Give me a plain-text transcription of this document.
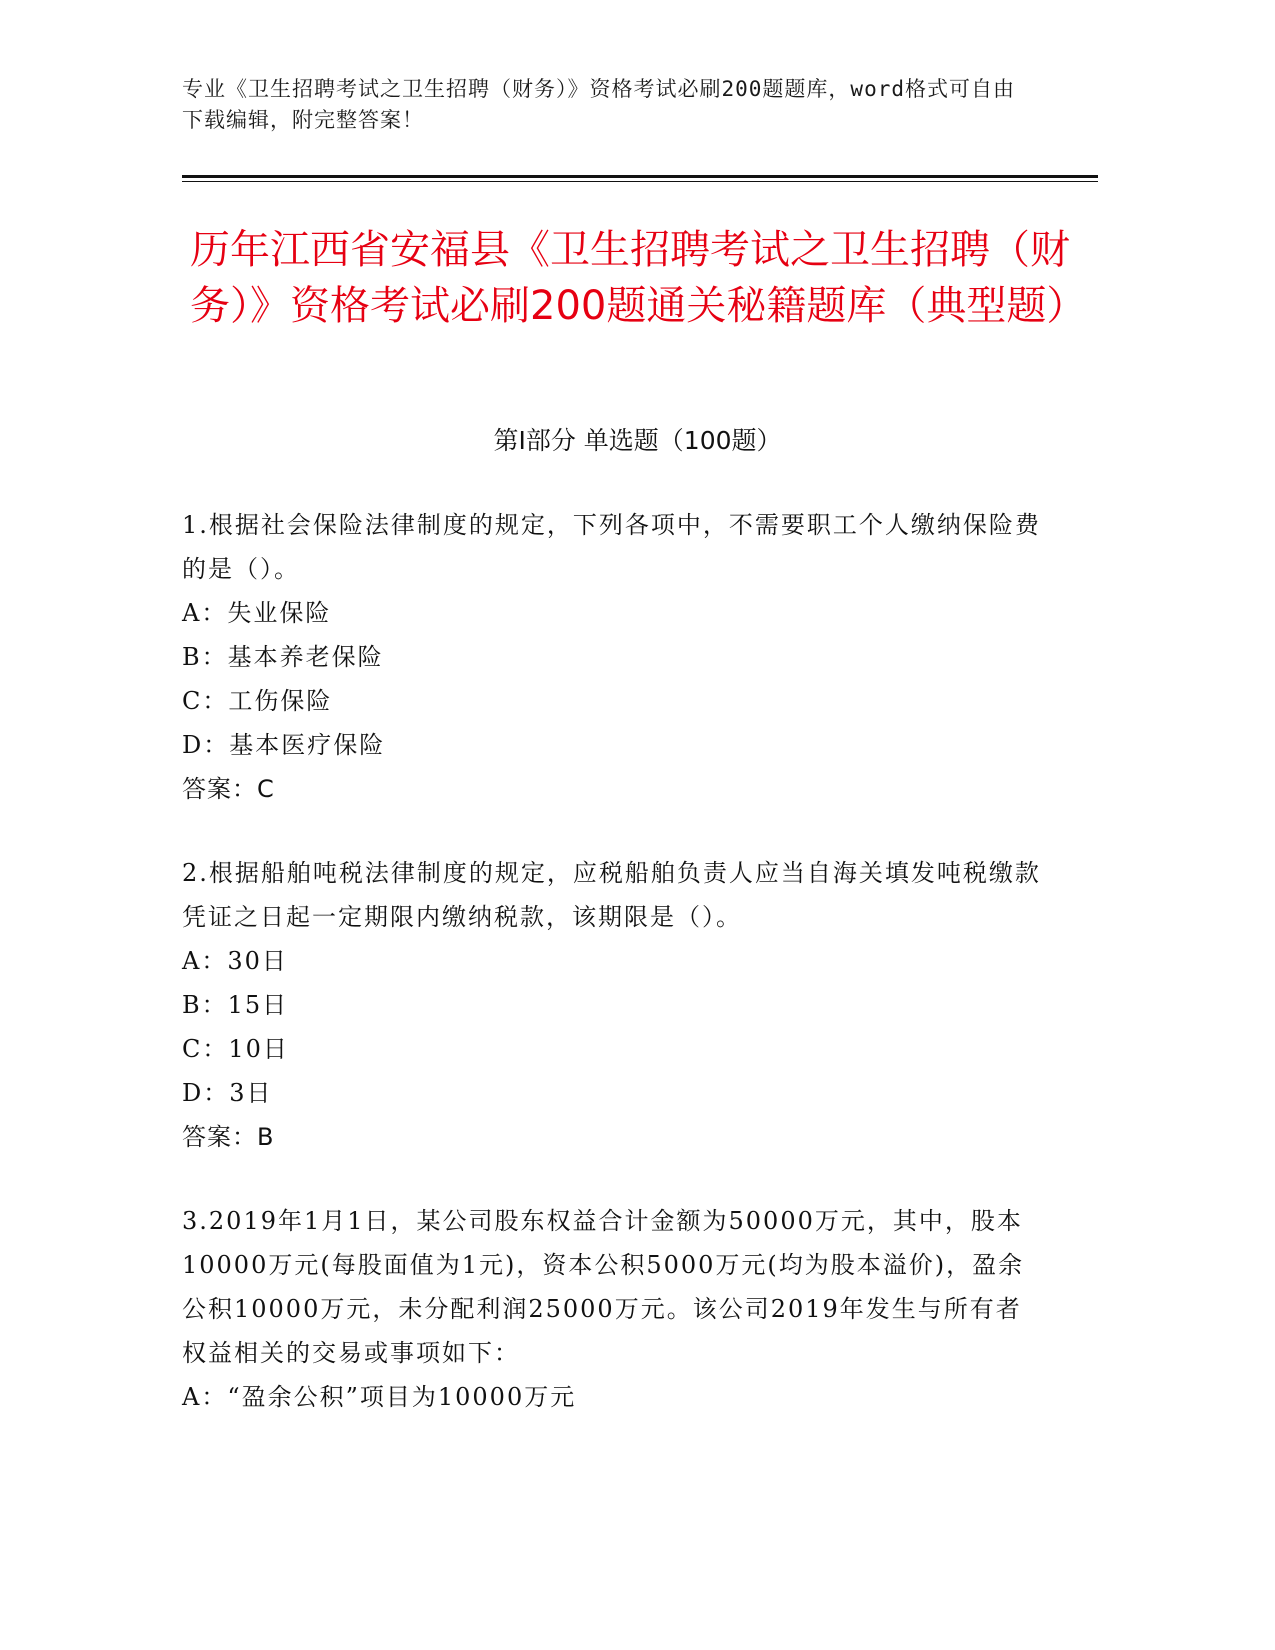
专业《卫生招聘考试之卫生招聘（财务）》资格考试必刷200题题库，word格式可自由下载编辑，附完整答案！
历年江西省安福县《卫生招聘考试之卫生招聘（财务）》资格考试必刷200题通关秘籍题库（典型题）
第Ⅰ部分 单选题（100题）

1.根据社会保险法律制度的规定，下列各项中，不需要职工个人缴纳保险费的是（）。

A：失业保险

B：基本养老保险

C：工伤保险

D：基本医疗保险

答案：C

2.根据船舶吨税法律制度的规定，应税船舶负责人应当自海关填发吨税缴款凭证之日起一定期限内缴纳税款，该期限是（）。

A：30日

B：15日

C：10日

D：3日

答案：B

3.2019年1月1日，某公司股东权益合计金额为50000万元，其中，股本10000万元(每股面值为1元)，资本公积5000万元(均为股本溢价)，盈余公积10000万元，未分配利润25000万元。该公司2019年发生与所有者权益相关的交易或事项如下：

A：“盈余公积”项目为10000万元
